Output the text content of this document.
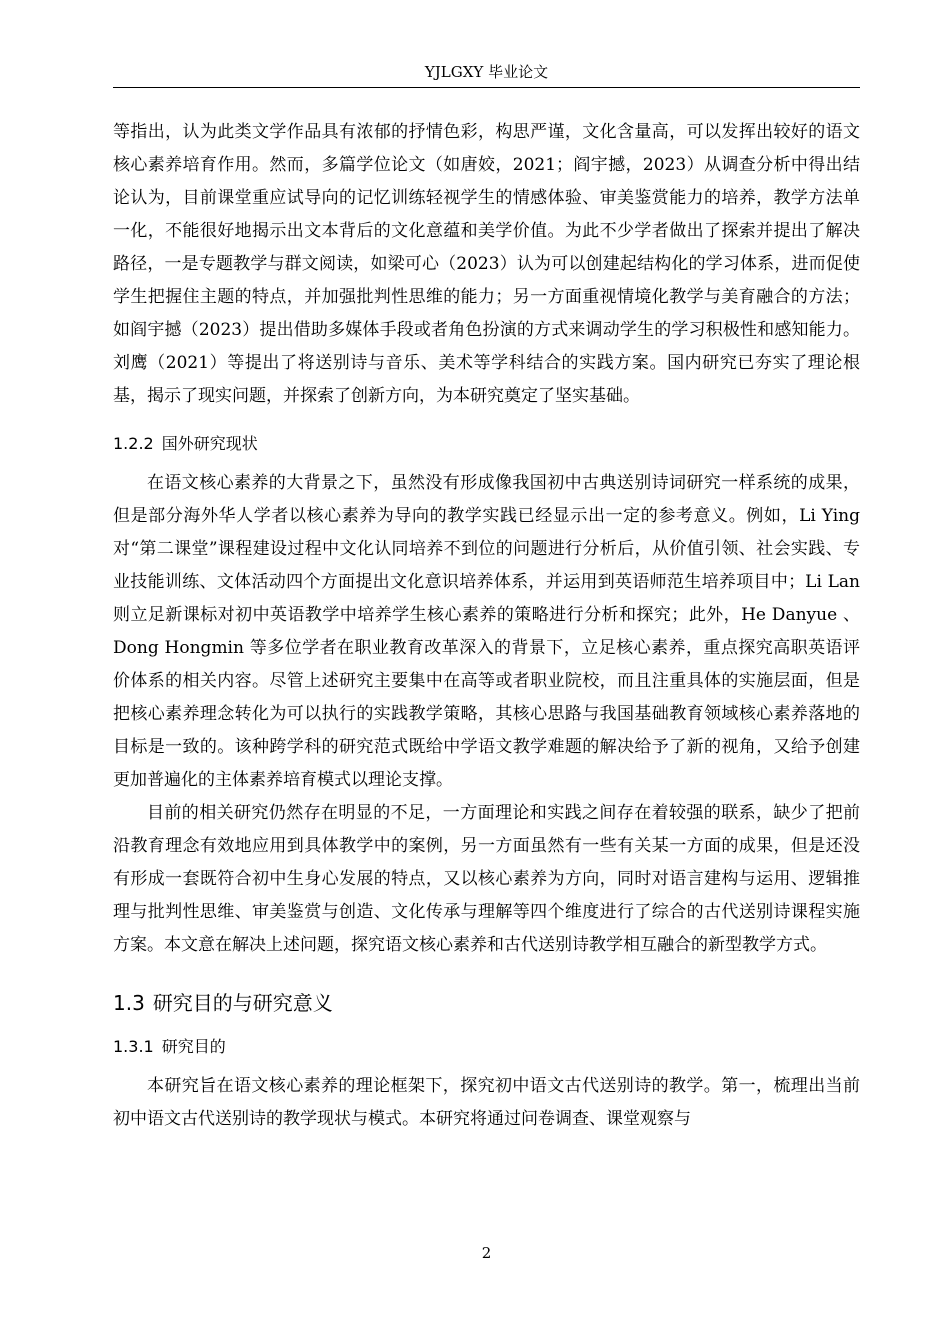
YJLGXY 毕业论文

等指出，认为此类文学作品具有浓郁的抒情色彩，构思严谨，文化含量高，可以发挥出较好的语文核心素养培育作用。然而，多篇学位论文（如唐姣，2021；阎宇撼，2023）从调查分析中得出结论认为，目前课堂重应试导向的记忆训练轻视学生的情感体验、审美鉴赏能力的培养，教学方法单一化，不能很好地揭示出文本背后的文化意蕴和美学价值。为此不少学者做出了探索并提出了解决路径，一是专题教学与群文阅读，如梁可心（2023）认为可以创建起结构化的学习体系，进而促使学生把握住主题的特点，并加强批判性思维的能力；另一方面重视情境化教学与美育融合的方法；如阎宇撼（2023）提出借助多媒体手段或者角色扮演的方式来调动学生的学习积极性和感知能力。刘鹰（2021）等提出了将送别诗与音乐、美术等学科结合的实践方案。国内研究已夯实了理论根基，揭示了现实问题，并探索了创新方向，为本研究奠定了坚实基础。

1.2.2 国外研究现状

在语文核心素养的大背景之下，虽然没有形成像我国初中古典送别诗词研究一样系统的成果，但是部分海外华人学者以核心素养为导向的教学实践已经显示出一定的参考意义。例如，Li Ying 对“第二课堂”课程建设过程中文化认同培养不到位的问题进行分析后，从价值引领、社会实践、专业技能训练、文体活动四个方面提出文化意识培养体系，并运用到英语师范生培养项目中；Li Lan 则立足新课标对初中英语教学中培养学生核心素养的策略进行分析和探究；此外，He Danyue 、Dong Hongmin 等多位学者在职业教育改革深入的背景下，立足核心素养，重点探究高职英语评价体系的相关内容。尽管上述研究主要集中在高等或者职业院校，而且注重具体的实施层面，但是把核心素养理念转化为可以执行的实践教学策略，其核心思路与我国基础教育领域核心素养落地的目标是一致的。该种跨学科的研究范式既给中学语文教学难题的解决给予了新的视角，又给予创建更加普遍化的主体素养培育模式以理论支撑。

目前的相关研究仍然存在明显的不足，一方面理论和实践之间存在着较强的联系，缺少了把前沿教育理念有效地应用到具体教学中的案例，另一方面虽然有一些有关某一方面的成果，但是还没有形成一套既符合初中生身心发展的特点，又以核心素养为方向，同时对语言建构与运用、逻辑推理与批判性思维、审美鉴赏与创造、文化传承与理解等四个维度进行了综合的古代送别诗课程实施方案。本文意在解决上述问题，探究语文核心素养和古代送别诗教学相互融合的新型教学方式。

1.3 研究目的与研究意义
1.3.1 研究目的

本研究旨在语文核心素养的理论框架下，探究初中语文古代送别诗的教学。第一，梳理出当前初中语文古代送别诗的教学现状与模式。本研究将通过问卷调查、课堂观察与

2
